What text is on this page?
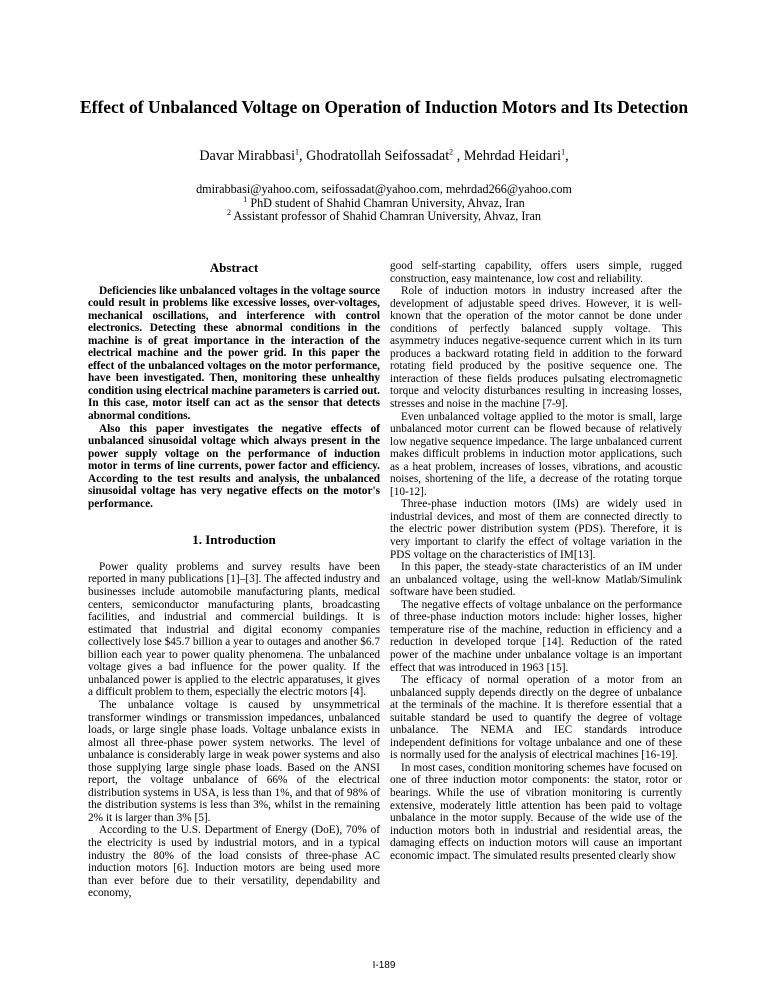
Effect of Unbalanced Voltage on Operation of Induction Motors and Its Detection
Davar Mirabbasi$^1$, Ghodratollah Seifossadat$^2$ , Mehrdad Heidari$^1$,
dmirabbasi@yahoo.com, seifossadat@yahoo.com, mehrdad266@yahoo.com
$^1$ PhD student of Shahid Chamran University, Ahvaz, Iran
$^2$ Assistant professor of Shahid Chamran University, Ahvaz, Iran
Abstract

Deficiencies like unbalanced voltages in the voltage source could result in problems like excessive losses, over-voltages, mechanical oscillations, and interference with control electronics. Detecting these abnormal conditions in the machine is of great importance in the interaction of the electrical machine and the power grid. In this paper the effect of the unbalanced voltages on the motor performance, have been investigated. Then, monitoring these unhealthy condition using electrical machine parameters is carried out. In this case, motor itself can act as the sensor that detects abnormal conditions.

Also this paper investigates the negative effects of unbalanced sinusoidal voltage which always present in the power supply voltage on the performance of induction motor in terms of line currents, power factor and efficiency. According to the test results and analysis, the unbalanced sinusoidal voltage has very negative effects on the motor's performance.

1. Introduction

Power quality problems and survey results have been reported in many publications [1]–[3]. The affected industry and businesses include automobile manufacturing plants, medical centers, semiconductor manufacturing plants, broadcasting facilities, and industrial and commercial buildings. It is estimated that industrial and digital economy companies collectively lose $45.7 billion a year to outages and another $6.7 billion each year to power quality phenomena. The unbalanced voltage gives a bad influence for the power quality. If the unbalanced power is applied to the electric apparatuses, it gives a difficult problem to them, especially the electric motors [4].

The unbalance voltage is caused by unsymmetrical transformer windings or transmission impedances, unbalanced loads, or large single phase loads. Voltage unbalance exists in almost all three-phase power system networks. The level of unbalance is considerably large in weak power systems and also those supplying large single phase loads. Based on the ANSI report, the voltage unbalance of 66% of the electrical distribution systems in USA, is less than 1%, and that of 98% of the distribution systems is less than 3%, whilst in the remaining 2% it is larger than 3% [5].

According to the U.S. Department of Energy (DoE), 70% of the electricity is used by industrial motors, and in a typical industry the 80% of the load consists of three-phase AC induction motors [6]. Induction motors are being used more than ever before due to their versatility, dependability and economy,

good self-starting capability, offers users simple, rugged construction, easy maintenance, low cost and reliability.

Role of induction motors in industry increased after the development of adjustable speed drives. However, it is well-known that the operation of the motor cannot be done under conditions of perfectly balanced supply voltage. This asymmetry induces negative-sequence current which in its turn produces a backward rotating field in addition to the forward rotating field produced by the positive sequence one. The interaction of these fields produces pulsating electromagnetic torque and velocity disturbances resulting in increasing losses, stresses and noise in the machine [7-9].

Even unbalanced voltage applied to the motor is small, large unbalanced motor current can be flowed because of relatively low negative sequence impedance. The large unbalanced current makes difficult problems in induction motor applications, such as a heat problem, increases of losses, vibrations, and acoustic noises, shortening of the life, a decrease of the rotating torque [10-12].

Three-phase induction motors (IMs) are widely used in industrial devices, and most of them are connected directly to the electric power distribution system (PDS). Therefore, it is very important to clarify the effect of voltage variation in the PDS voltage on the characteristics of IM[13].

In this paper, the steady-state characteristics of an IM under an unbalanced voltage, using the well-know Matlab/Simulink software have been studied.

The negative effects of voltage unbalance on the performance of three-phase induction motors include: higher losses, higher temperature rise of the machine, reduction in efficiency and a reduction in developed torque [14]. Reduction of the rated power of the machine under unbalance voltage is an important effect that was introduced in 1963 [15].

The efficacy of normal operation of a motor from an unbalanced supply depends directly on the degree of unbalance at the terminals of the machine. It is therefore essential that a suitable standard be used to quantify the degree of voltage unbalance. The NEMA and IEC standards introduce independent definitions for voltage unbalance and one of these is normally used for the analysis of electrical machines [16-19].

In most cases, condition monitoring schemes have focused on one of three induction motor components: the stator, rotor or bearings. While the use of vibration monitoring is currently extensive, moderately little attention has been paid to voltage unbalance in the motor supply. Because of the wide use of the induction motors both in industrial and residential areas, the damaging effects on induction motors will cause an important economic impact. The simulated results presented clearly show

I-189
